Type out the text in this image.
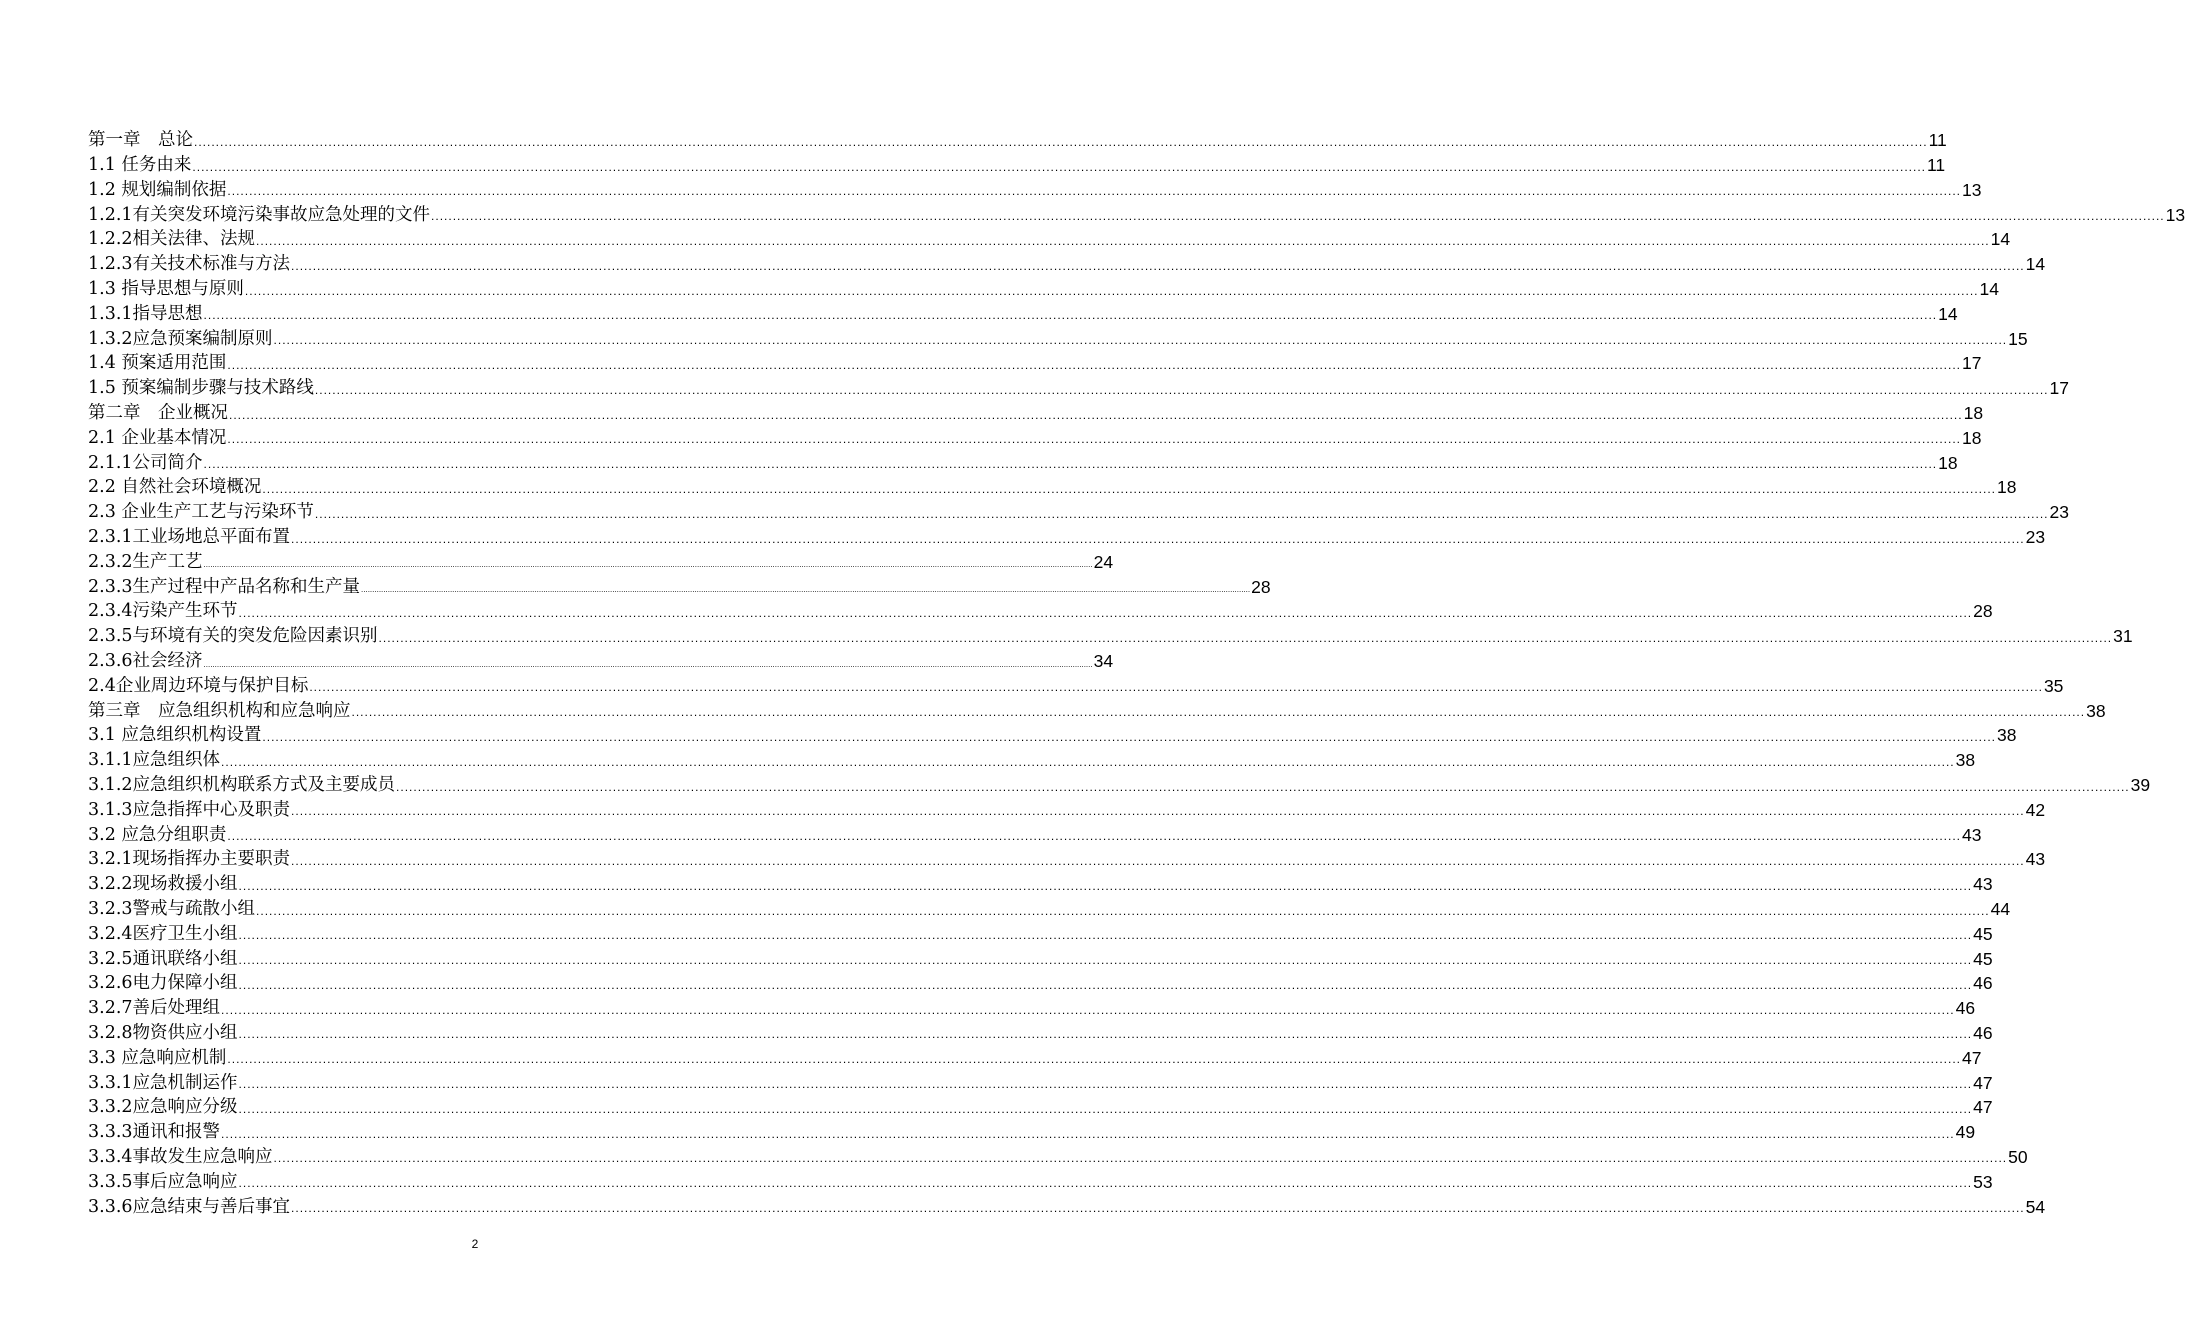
第一章　总论 ................................................................................................................................................................................................................................................................................................................................................................................................................ 11
1.1 任务由来 ................................................................................................................................................................................................................................................................................................................................................................................................................ 11
1.2 规划编制依据 ................................................................................................................................................................................................................................................................................................................................................................................................................ 13
1.2.1有关突发环境污染事故应急处理的文件 ................................................................................................................................................................................................................................................................................................................................................................................................................ 13
1.2.2相关法律、法规 ................................................................................................................................................................................................................................................................................................................................................................................................................ 14
1.2.3有关技术标准与方法 ................................................................................................................................................................................................................................................................................................................................................................................................................ 14
1.3 指导思想与原则 ................................................................................................................................................................................................................................................................................................................................................................................................................ 14
1.3.1指导思想 ................................................................................................................................................................................................................................................................................................................................................................................................................ 14
1.3.2应急预案编制原则 ................................................................................................................................................................................................................................................................................................................................................................................................................ 15
1.4 预案适用范围 ................................................................................................................................................................................................................................................................................................................................................................................................................ 17
1.5 预案编制步骤与技术路线 ................................................................................................................................................................................................................................................................................................................................................................................................................ 17
第二章　企业概况 ................................................................................................................................................................................................................................................................................................................................................................................................................ 18
2.1 企业基本情况 ................................................................................................................................................................................................................................................................................................................................................................................................................ 18
2.1.1公司简介 ................................................................................................................................................................................................................................................................................................................................................................................................................ 18
2.2 自然社会环境概况 ................................................................................................................................................................................................................................................................................................................................................................................................................ 18
2.3 企业生产工艺与污染环节 ................................................................................................................................................................................................................................................................................................................................................................................................................ 23
2.3.1工业场地总平面布置 ................................................................................................................................................................................................................................................................................................................................................................................................................ 23
2.3.2生产工艺 ................................................................................................................................................................................................................................................................................................................................................................................................................ 24
2.3.3生产过程中产品名称和生产量 ................................................................................................................................................................................................................................................................................................................................................................................................................ 28
2.3.4污染产生环节 ................................................................................................................................................................................................................................................................................................................................................................................................................ 28
2.3.5与环境有关的突发危险因素识别 ................................................................................................................................................................................................................................................................................................................................................................................................................ 31
2.3.6社会经济 ................................................................................................................................................................................................................................................................................................................................................................................................................ 34
2.4企业周边环境与保护目标 ................................................................................................................................................................................................................................................................................................................................................................................................................ 35
第三章　应急组织机构和应急响应 ................................................................................................................................................................................................................................................................................................................................................................................................................ 38
3.1 应急组织机构设置 ................................................................................................................................................................................................................................................................................................................................................................................................................ 38
3.1.1应急组织体 ................................................................................................................................................................................................................................................................................................................................................................................................................ 38
3.1.2应急组织机构联系方式及主要成员 ................................................................................................................................................................................................................................................................................................................................................................................................................ 39
3.1.3应急指挥中心及职责 ................................................................................................................................................................................................................................................................................................................................................................................................................ 42
3.2 应急分组职责 ................................................................................................................................................................................................................................................................................................................................................................................................................ 43
3.2.1现场指挥办主要职责 ................................................................................................................................................................................................................................................................................................................................................................................................................ 43
3.2.2现场救援小组 ................................................................................................................................................................................................................................................................................................................................................................................................................ 43
3.2.3警戒与疏散小组 ................................................................................................................................................................................................................................................................................................................................................................................................................ 44
3.2.4医疗卫生小组 ................................................................................................................................................................................................................................................................................................................................................................................................................ 45
3.2.5通讯联络小组 ................................................................................................................................................................................................................................................................................................................................................................................................................ 45
3.2.6电力保障小组 ................................................................................................................................................................................................................................................................................................................................................................................................................ 46
3.2.7善后处理组 ................................................................................................................................................................................................................................................................................................................................................................................................................ 46
3.2.8物资供应小组 ................................................................................................................................................................................................................................................................................................................................................................................................................ 46
3.3 应急响应机制 ................................................................................................................................................................................................................................................................................................................................................................................................................ 47
3.3.1应急机制运作 ................................................................................................................................................................................................................................................................................................................................................................................................................ 47
3.3.2应急响应分级 ................................................................................................................................................................................................................................................................................................................................................................................................................ 47
3.3.3通讯和报警 ................................................................................................................................................................................................................................................................................................................................................................................................................ 49
3.3.4事故发生应急响应 ................................................................................................................................................................................................................................................................................................................................................................................................................ 50
3.3.5事后应急响应 ................................................................................................................................................................................................................................................................................................................................................................................................................ 53
3.3.6应急结束与善后事宜 ................................................................................................................................................................................................................................................................................................................................................................................................................ 54
2
